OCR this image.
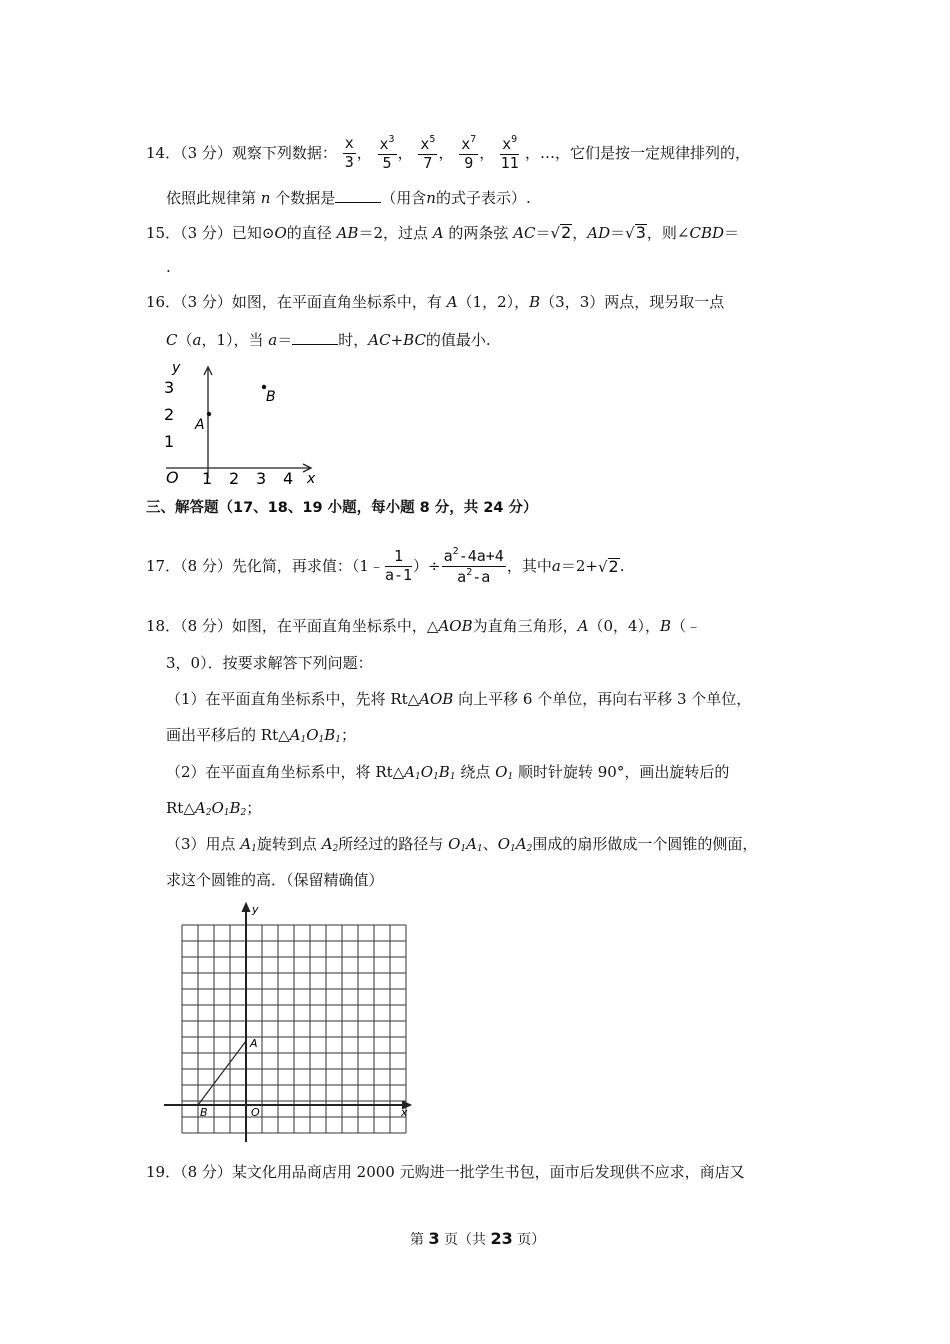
14．（3 分）观察下列数据： $\frac{x}{3}$ ， $\frac{x^3}{5}$ ， $\frac{x^5}{7}$ ， $\frac{x^7}{9}$ ， $\frac{x^9}{11}$ ，…，它们是按一定规律排列的，
依照此规律第 n 个数据是	（用含n的式子表示）.
15．（3 分）已知⊙O的直径 AB＝2，过点 A 的两条弦 AC＝√2，AD＝√3，则∠CBD＝
.
16．（3 分）如图，在平面直角坐标系中，有 A（1，2），B（3，3）两点，现另取一点
C（a，1），当 a＝	时，AC+BC的值最小.
y
x
O
1
2
3
1 2 3 4
A
B
三、解答题（17、18、19 小题，每小题 8 分，共 24 分）
17．（8 分）先化简，再求值：（1﹣ $\frac{1}{a-1}$ ）÷ $\frac{a^2-4a+4}{a^2-a}$ ，其中a＝2+√2.
18．（8 分）如图，在平面直角坐标系中，△AOB为直角三角形，A（0，4），B（﹣
3，0）．按要求解答下列问题：
（1）在平面直角坐标系中，先将 Rt△AOB 向上平移 6 个单位，再向右平移 3 个单位，
画出平移后的 $Rt\triangle A_1O_1B_1$；
（2）在平面直角坐标系中，将 $Rt\triangle A_1O_1B_1$ 绕点 $O_1$ 顺时针旋转 90°，画出旋转后的
$Rt\triangle A_2O_1B_2$；
（3）用点 $A_1$旋转到点 $A_2$所经过的路径与 $O_1A_1$、$O_1A_2$围成的扇形做成一个圆锥的侧面，
求这个圆锥的高．（保留精确值）
y
x
A
B	O
19．（8 分）某文化用品商店用 2000 元购进一批学生书包，面市后发现供不应求，商店又
第 3 页（共 23 页）
